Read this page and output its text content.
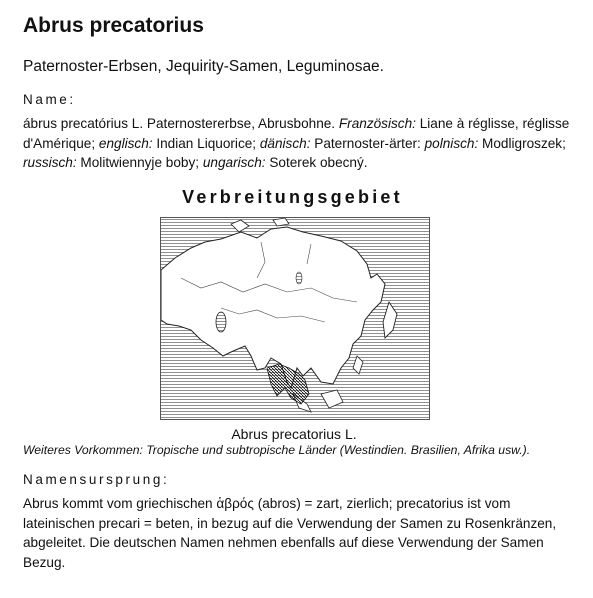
Abrus precatorius
Paternoster-Erbsen, Jequirity-Samen, Leguminosae.
Name:
ábrus precatórius L. Paternostererbse, Abrusbohne. Französisch: Liane à réglisse, réglisse d'Amérique; englisch: Indian Liquorice; dänisch: Paternoster-ärter: polnisch: Modligroszek; russisch: Molitwiennyje boby; ungarisch: Soterek obecný.
Verbreitungsgebiet
Abrus precatorius L.
Weiteres Vorkommen: Tropische und subtropische Länder (Westindien. Brasilien, Afrika usw.).
Namensursprung:
Abrus kommt vom griechischen ἁβρός (abros) = zart, zierlich; precatorius ist vom lateinischen precari = beten, in bezug auf die Verwendung der Samen zu Rosenkränzen, abgeleitet. Die deutschen Namen nehmen ebenfalls auf diese Verwendung der Samen Bezug.
